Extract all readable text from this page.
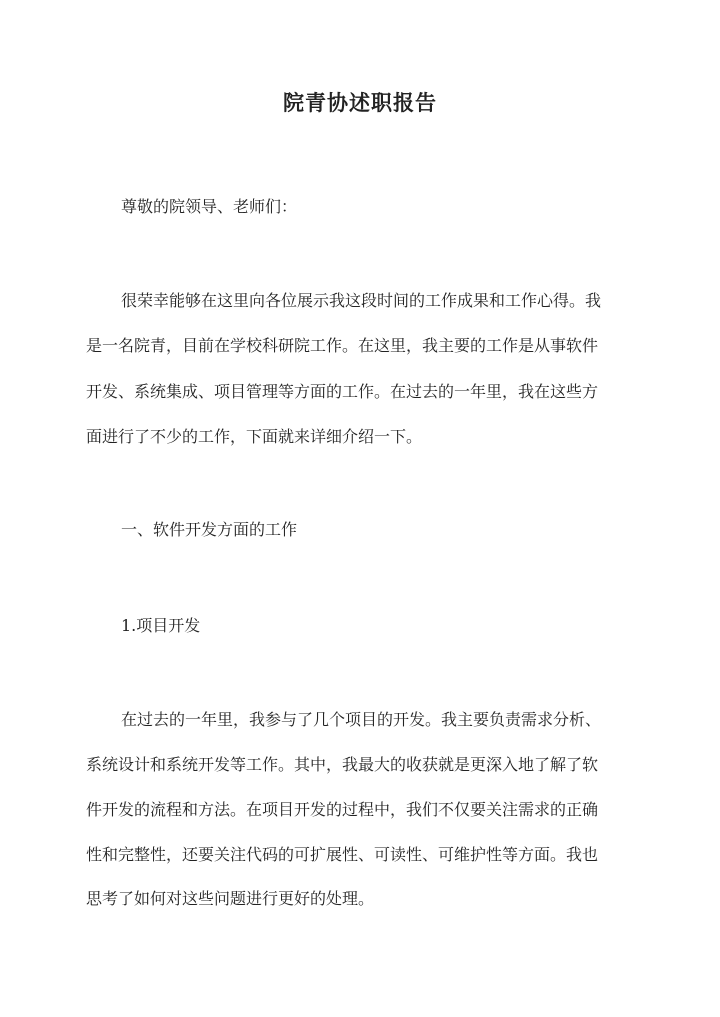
院青协述职报告
尊敬的院领导、老师们：
很荣幸能够在这里向各位展示我这段时间的工作成果和工作心得。我
是一名院青，目前在学校科研院工作。在这里，我主要的工作是从事软件
开发、系统集成、项目管理等方面的工作。在过去的一年里，我在这些方
面进行了不少的工作，下面就来详细介绍一下。
一、软件开发方面的工作
1.项目开发
在过去的一年里，我参与了几个项目的开发。我主要负责需求分析、
系统设计和系统开发等工作。其中，我最大的收获就是更深入地了解了软
件开发的流程和方法。在项目开发的过程中，我们不仅要关注需求的正确
性和完整性，还要关注代码的可扩展性、可读性、可维护性等方面。我也
思考了如何对这些问题进行更好的处理。
